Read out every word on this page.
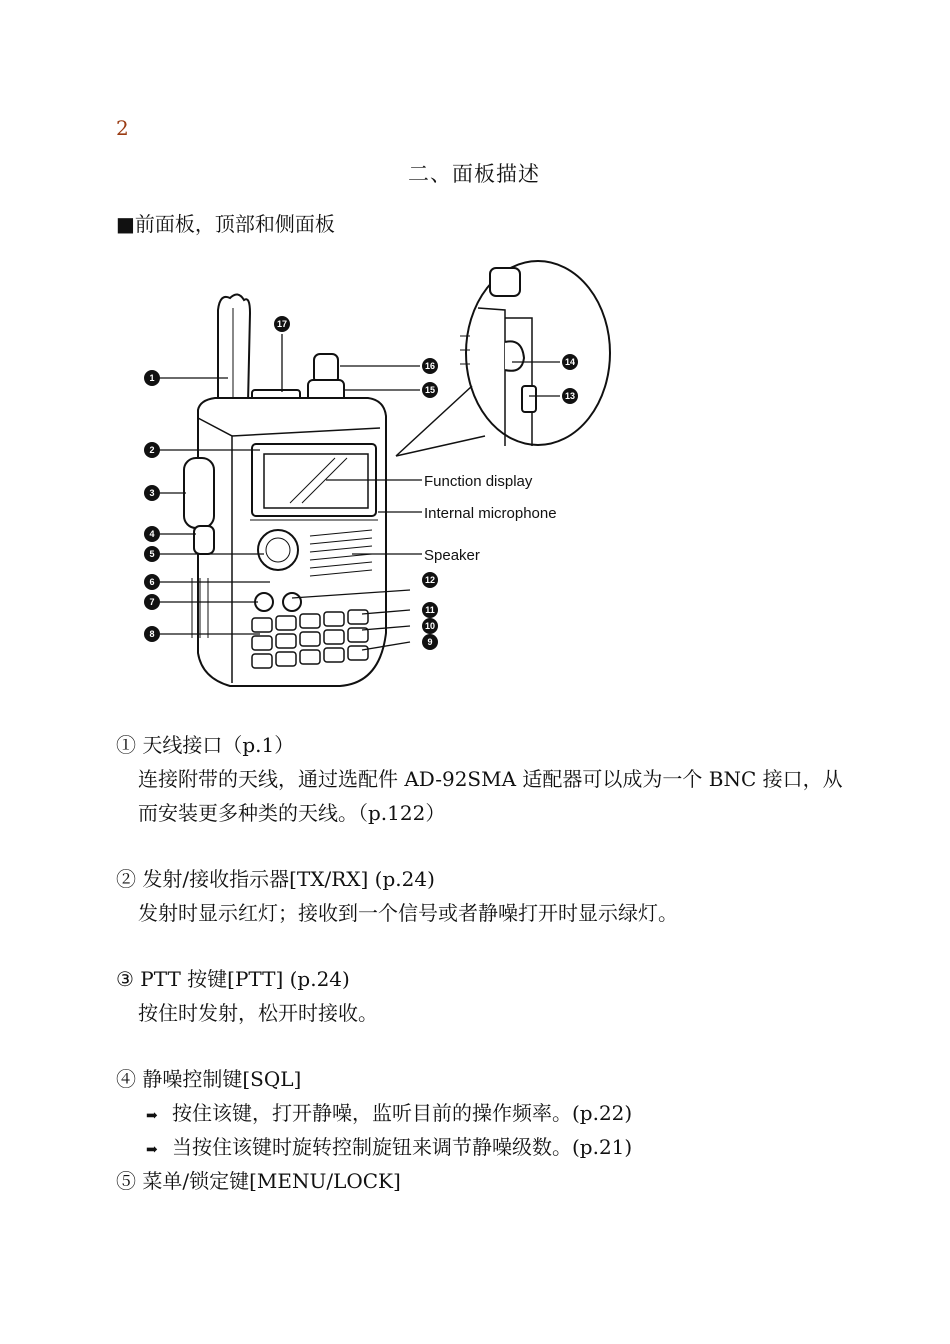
2
二、面板描述
■前面板，顶部和侧面板
1
2
3
4
5
6
7
8
9
10
11
12
13
14
15
16
17
Function display
Internal microphone
Speaker

① 天线接口（p.1）

连接附带的天线，通过选配件 AD-92SMA 适配器可以成为一个 BNC 接口，从而安装更多种类的天线。（p.122）

② 发射/接收指示器[TX/RX] (p.24)

发射时显示红灯；接收到一个信号或者静噪打开时显示绿灯。

③ PTT 按键[PTT] (p.24)

按住时发射，松开时接收。

④ 静噪控制键[SQL]

➡ 按住该键，打开静噪，监听目前的操作频率。(p.22)

➡ 当按住该键时旋转控制旋钮来调节静噪级数。(p.21)

⑤ 菜单/锁定键[MENU/LOCK]
